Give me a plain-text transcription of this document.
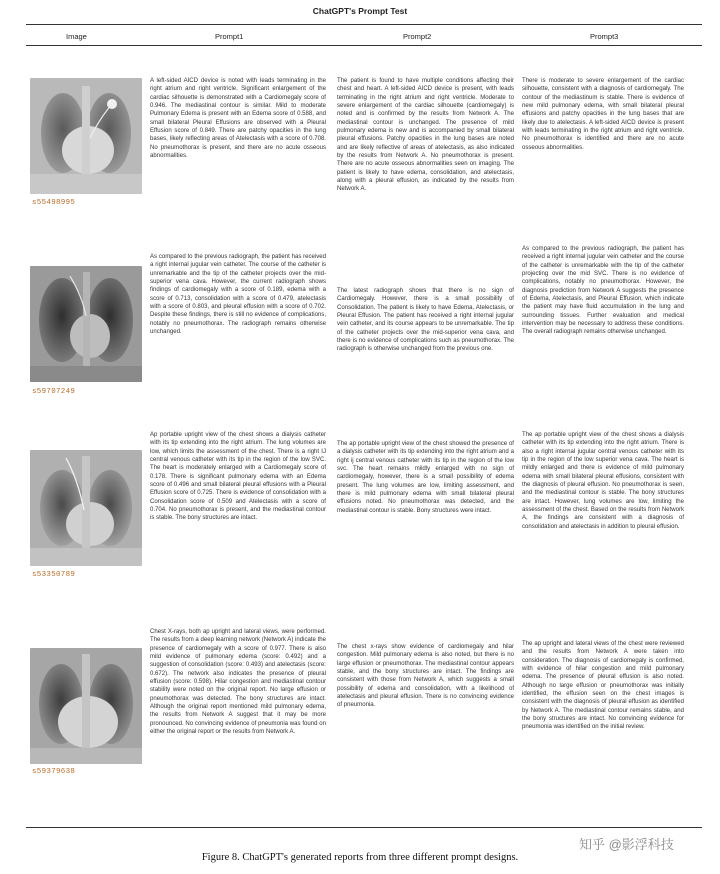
ChatGPT's Prompt Test
Image	Prompt1	Prompt2	Prompt3
s55498995
A left-sided AICD device is noted with leads terminating in the right atrium and right ventricle. Significant enlargement of the cardiac silhouette is demonstrated with a Cardiomegaly score of 0.946. The mediastinal contour is similar. Mild to moderate Pulmonary Edema is present with an Edema score of 0.588, and small bilateral Pleural Effusions are observed with a Pleural Effusion score of 0.849. There are patchy opacities in the lung bases, likely reflecting areas of Atelectasis with a score of 0.708. No pneumothorax is present, and there are no acute osseous abnormalities.
The patient is found to have multiple conditions affecting their chest and heart. A left-sided AICD device is present, with leads terminating in the right atrium and right ventricle. Moderate to severe enlargement of the cardiac silhouette (cardiomegaly) is noted and is confirmed by the results from Network A. The mediastinal contour is unchanged. The presence of mild pulmonary edema is new and is accompanied by small bilateral pleural effusions. Patchy opacities in the lung bases are noted and are likely reflective of areas of atelectasis, as also indicated by the results from Network A. No pneumothorax is present. There are no acute osseous abnormalities seen on imaging. The patient is likely to have edema, consolidation, and atelectasis, along with a pleural effusion, as indicated by the results from Network A.
There is moderate to severe enlargement of the cardiac silhouette, consistent with a diagnosis of cardiomegaly. The contour of the mediastinum is stable. There is evidence of new mild pulmonary edema, with small bilateral pleural effusions and patchy opacities in the lung bases that are likely due to atelectasis. A left-sided AICD device is present with leads terminating in the right atrium and right ventricle. No pneumothorax is identified and there are no acute osseous abnormalities.
s59707249
As compared to the previous radiograph, the patient has received a right internal jugular vein catheter. The course of the catheter is unremarkable and the tip of the catheter projects over the mid-superior vena cava. However, the current radiograph shows findings of cardiomegaly with a score of 0.189, edema with a score of 0.713, consolidation with a score of 0.479, atelectasis with a score of 0.803, and pleural effusion with a score of 0.702. Despite these findings, there is still no evidence of complications, notably no pneumothorax. The radiograph remains otherwise unchanged.
The latest radiograph shows that there is no sign of Cardiomegaly. However, there is a small possibility of Consolidation. The patient is likely to have Edema, Atelectasis, or Pleural Effusion. The patient has received a right internal jugular vein catheter, and its course appears to be unremarkable. The tip of the catheter projects over the mid-superior vena cava, and there is no evidence of complications such as pneumothorax. The radiograph is otherwise unchanged from the previous one.
As compared to the previous radiograph, the patient has received a right internal jugular vein catheter and the course of the catheter is unremarkable with the tip of the catheter projecting over the mid SVC. There is no evidence of complications, notably no pneumothorax. However, the diagnosis prediction from Network A suggests the presence of Edema, Atelectasis, and Pleural Effusion, which indicate the patient may have fluid accumulation in the lung and surrounding tissues. Further evaluation and medical intervention may be necessary to address these conditions. The overall radiograph remains otherwise unchanged.
s53350789
Ap portable upright view of the chest shows a dialysis catheter with its tip extending into the right atrium. The lung volumes are low, which limits the assessment of the chest. There is a right IJ central venous catheter with its tip in the region of the low SVC. The heart is moderately enlarged with a Cardiomegaly score of 0.178. There is significant pulmonary edema with an Edema score of 0.496 and small bilateral pleural effusions with a Pleural Effusion score of 0.725. There is evidence of consolidation with a Consolidation score of 0.509 and Atelectasis with a score of 0.704. No pneumothorax is present, and the mediastinal contour is stable. The bony structures are intact.
The ap portable upright view of the chest showed the presence of a dialysis catheter with its tip extending into the right atrium and a right ij central venous catheter with its tip in the region of the low svc. The heart remains mildly enlarged with no sign of cardiomegaly, however, there is a small possibility of edema present. The lung volumes are low, limiting assessment, and there is mild pulmonary edema with small bilateral pleural effusions noted. No pneumothorax was detected, and the mediastinal contour is stable. Bony structures were intact.
The ap portable upright view of the chest shows a dialysis catheter with its tip extending into the right atrium. There is also a right internal jugular central venous catheter with its tip in the region of the low superior vena cava. The heart is mildly enlarged and there is evidence of mild pulmonary edema with small bilateral pleural effusions, consistent with the diagnosis of pleural effusion. No pneumothorax is seen, and the mediastinal contour is stable. The bony structures are intact. However, lung volumes are low, limiting the assessment of the chest. Based on the results from Network A, the findings are consistent with a diagnosis of consolidation and atelectasis in addition to pleural effusion.
s59379638
Chest X-rays, both ap upright and lateral views, were performed. The results from a deep learning network (Network A) indicate the presence of cardiomegaly with a score of 0.977. There is also mild evidence of pulmonary edema (score: 0.492) and a suggestion of consolidation (score: 0.493) and atelectasis (score: 0.672). The network also indicates the presence of pleural effusion (score: 0.598). Hilar congestion and mediastinal contour stability were noted on the original report. No large effusion or pneumothorax was detected. The bony structures are intact. Although the original report mentioned mild pulmonary edema, the results from Network A suggest that it may be more pronounced. No convincing evidence of pneumonia was found on either the original report or the results from Network A.
The chest x-rays show evidence of cardiomegaly and hilar congestion. Mild pulmonary edema is also noted, but there is no large effusion or pneumothorax. The mediastinal contour appears stable, and the bony structures are intact. The findings are consistent with those from Network A, which suggests a small possibility of edema and consolidation, with a likelihood of atelectasis and pleural effusion. There is no convincing evidence of pneumonia.
The ap upright and lateral views of the chest were reviewed and the results from Network A were taken into consideration. The diagnosis of cardiomegaly is confirmed, with evidence of hilar congestion and mild pulmonary edema. The presence of pleural effusion is also noted. Although no large effusion or pneumothorax was initially identified, the effusion seen on the chest images is consistent with the diagnosis of pleural effusion as identified by Network A. The mediastinal contour remains stable, and the bony structures are intact. No convincing evidence for pneumonia was identified on the initial review.
知乎 @影浮科技
Figure 8. ChatGPT's generated reports from three different prompt designs.
